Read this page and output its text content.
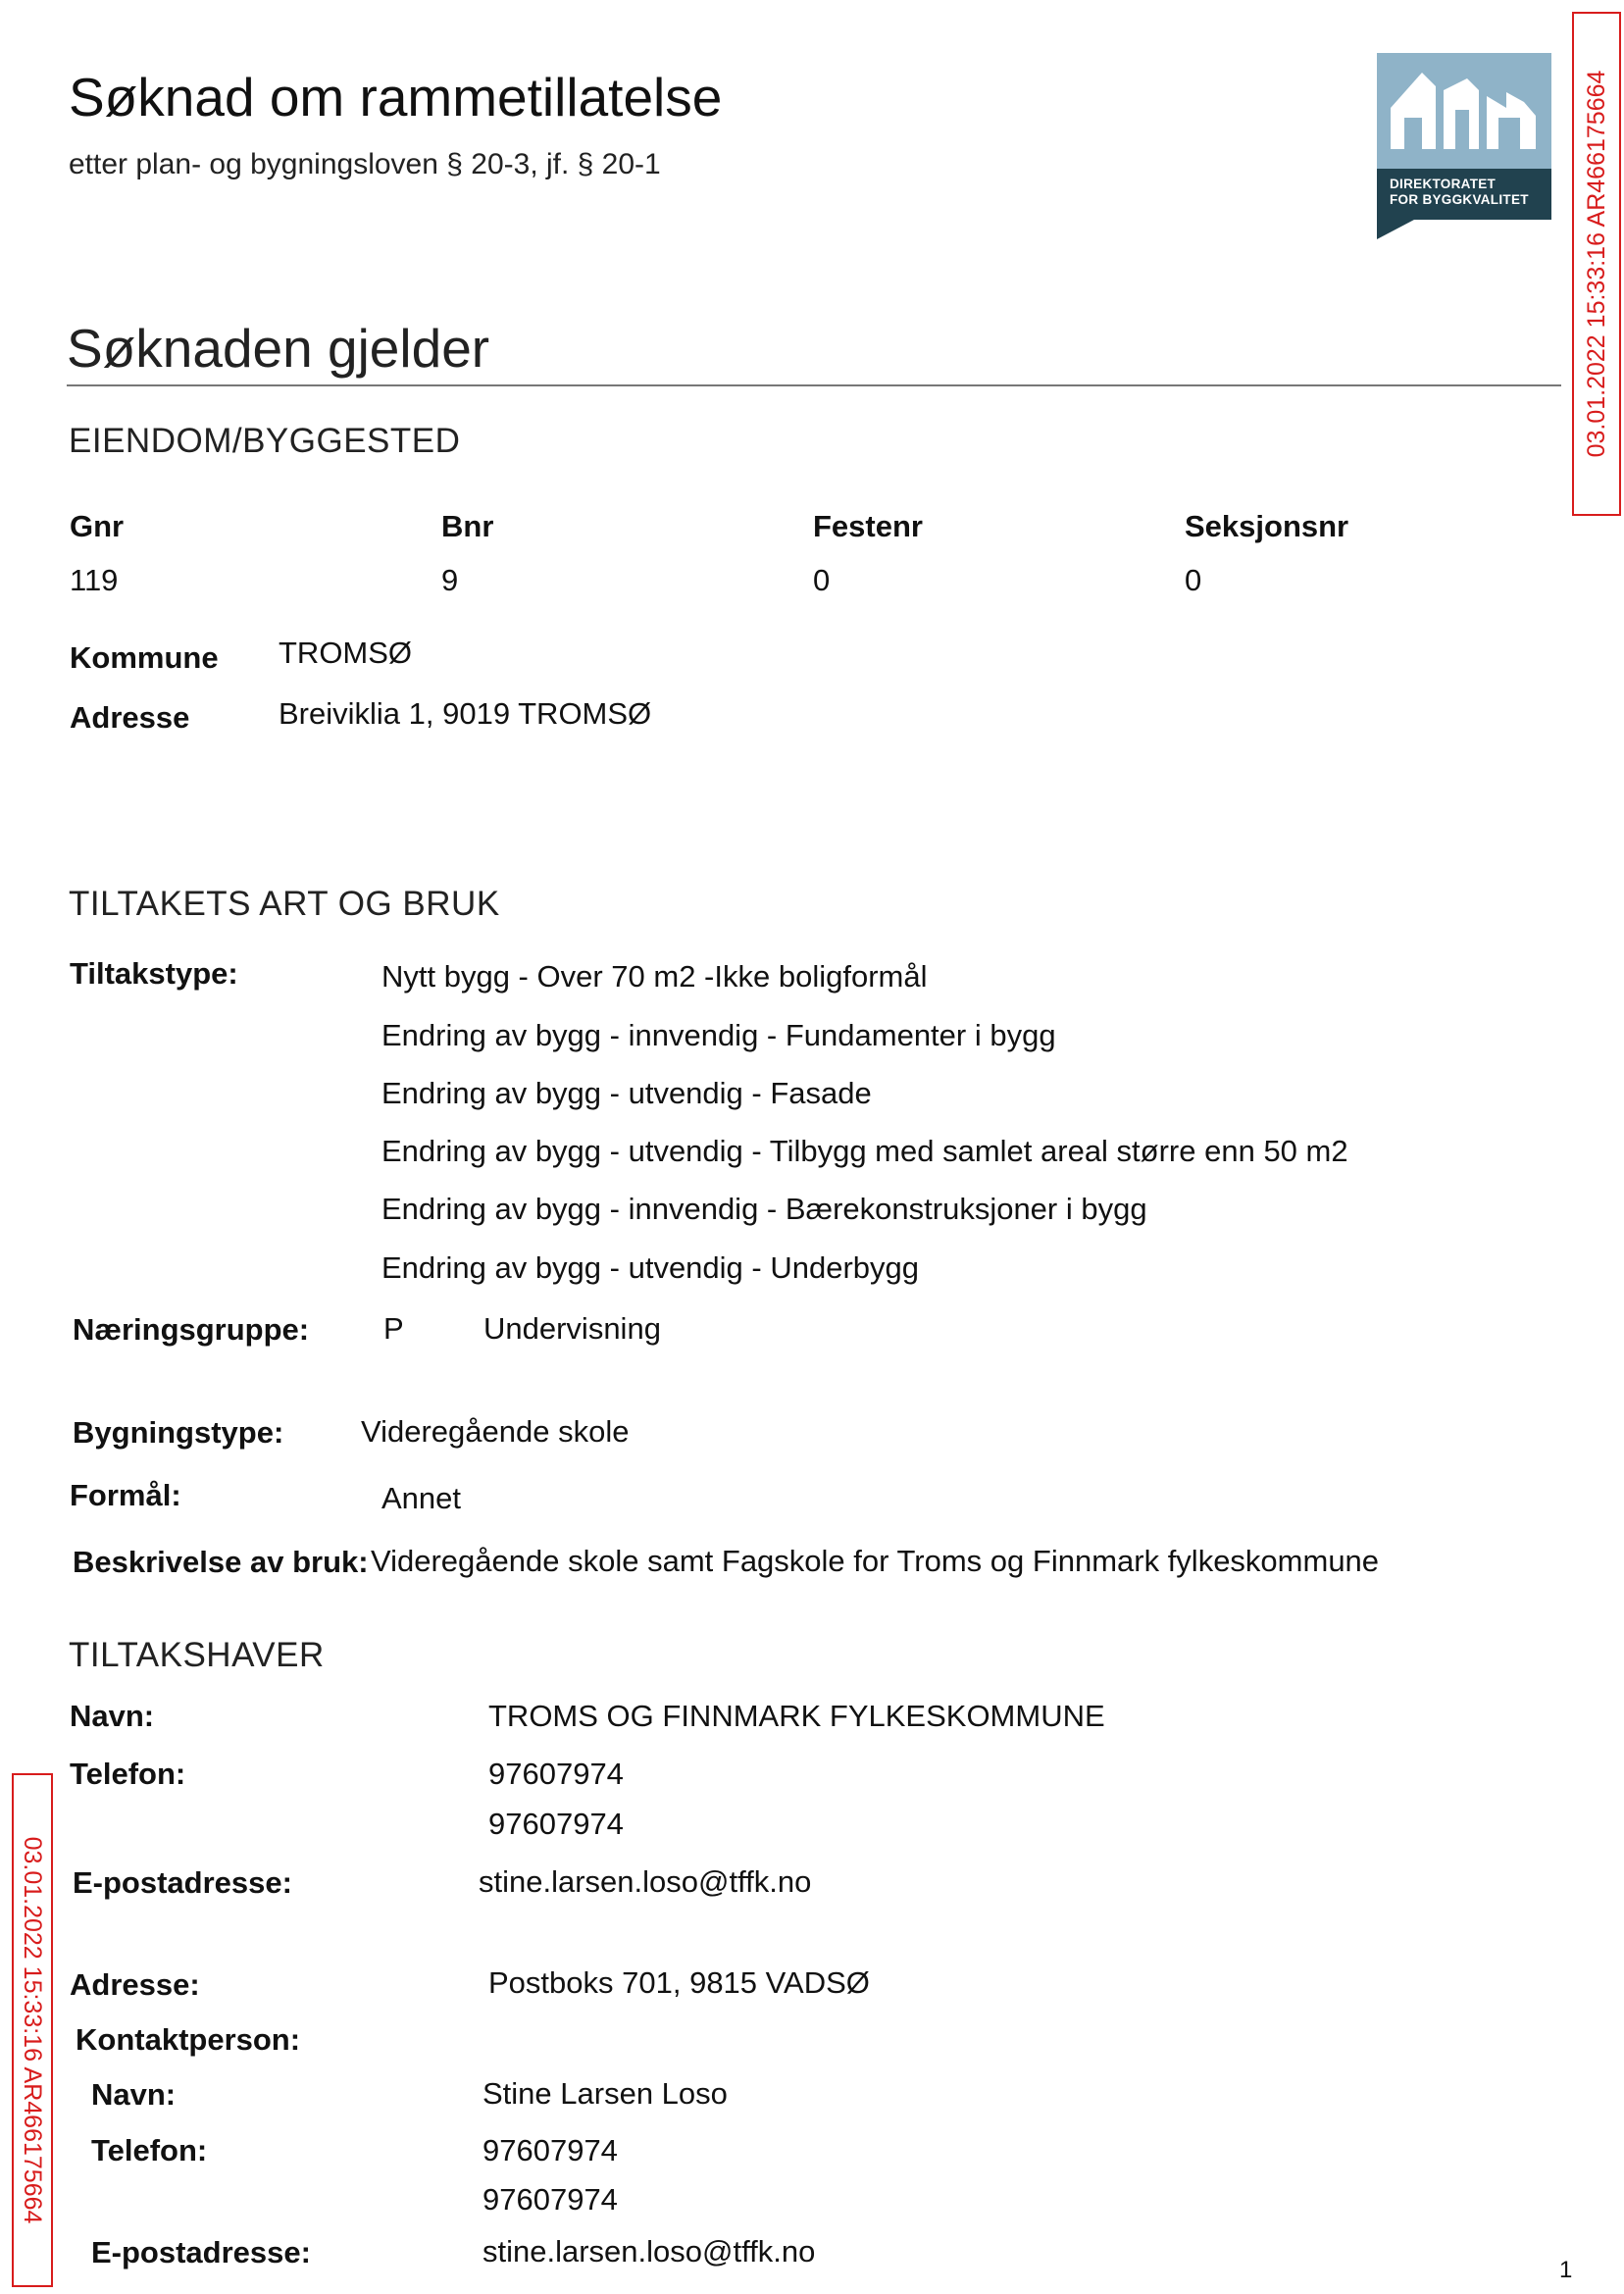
Søknad om rammetillatelse
etter plan- og bygningsloven § 20-3, jf. § 20-1
DIREKTORATET
FOR BYGGKVALITET 03.01.2022 15:33:16 AR466175664
03.01.2022 15:33:16 AR466175664
Søknaden gjelder
EIENDOM/BYGGESTED
Gnr	Bnr	Festenr	Seksjonsnr
119	9	0	0
Kommune TROMSØ
Adresse	Breiviklia 1, 9019 TROMSØ
TILTAKETS ART OG BRUK
Tiltakstype:	Nytt bygg - Over 70 m2 -Ikke boligformål
Endring av bygg - innvendig - Fundamenter i bygg
Endring av bygg - utvendig - Fasade
Endring av bygg - utvendig - Tilbygg med samlet areal større enn 50 m2
Endring av bygg - innvendig - Bærekonstruksjoner i bygg
Endring av bygg - utvendig - Underbygg
Næringsgruppe: P	Undervisning
Bygningstype:	Videregående skole
Formål:	Annet
Beskrivelse av bruk: Videregående skole samt Fagskole for Troms og Finnmark fylkeskommune
TILTAKSHAVER
Navn:	TROMS OG FINNMARK FYLKESKOMMUNE
Telefon:	97607974
97607974
E-postadresse:	stine.larsen.loso@tffk.no
Adresse:	Postboks 701, 9815 VADSØ
Kontaktperson:
Navn:	Stine Larsen Loso
Telefon:	97607974
97607974
E-postadresse:	stine.larsen.loso@tffk.no
1
